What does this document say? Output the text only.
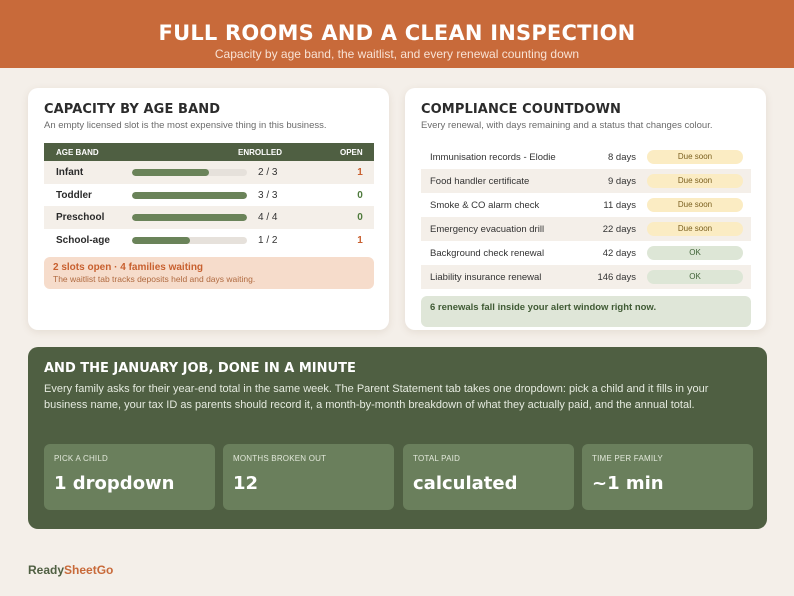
FULL ROOMS AND A CLEAN INSPECTION
Capacity by age band, the waitlist, and every renewal counting down
CAPACITY BY AGE BAND
An empty licensed slot is the most expensive thing in this business.
AGE BAND	ENROLLED	OPEN
Infant	2 / 3	1
Toddler	3 / 3	0
Preschool	4 / 4	0
School-age	1 / 2	1
2 slots open · 4 families waiting
The waitlist tab tracks deposits held and days waiting.
COMPLIANCE COUNTDOWN
Every renewal, with days remaining and a status that changes colour.
Immunisation records - Elodie	8 days	Due soon
Food handler certificate	9 days	Due soon
Smoke & CO alarm check	11 days	Due soon
Emergency evacuation drill	22 days	Due soon
Background check renewal	42 days	OK
Liability insurance renewal	146 days	OK
6 renewals fall inside your alert window right now.
AND THE JANUARY JOB, DONE IN A MINUTE
Every family asks for their year-end total in the same week. The Parent Statement tab takes one dropdown: pick a child and it fills in your business name, your tax ID as parents should record it, a month-by-month breakdown of what they actually paid, and the annual total.
PICK A CHILD
1 dropdown
MONTHS BROKEN OUT
12
TOTAL PAID
calculated
TIME PER FAMILY
~1 min
ReadySheetGo
